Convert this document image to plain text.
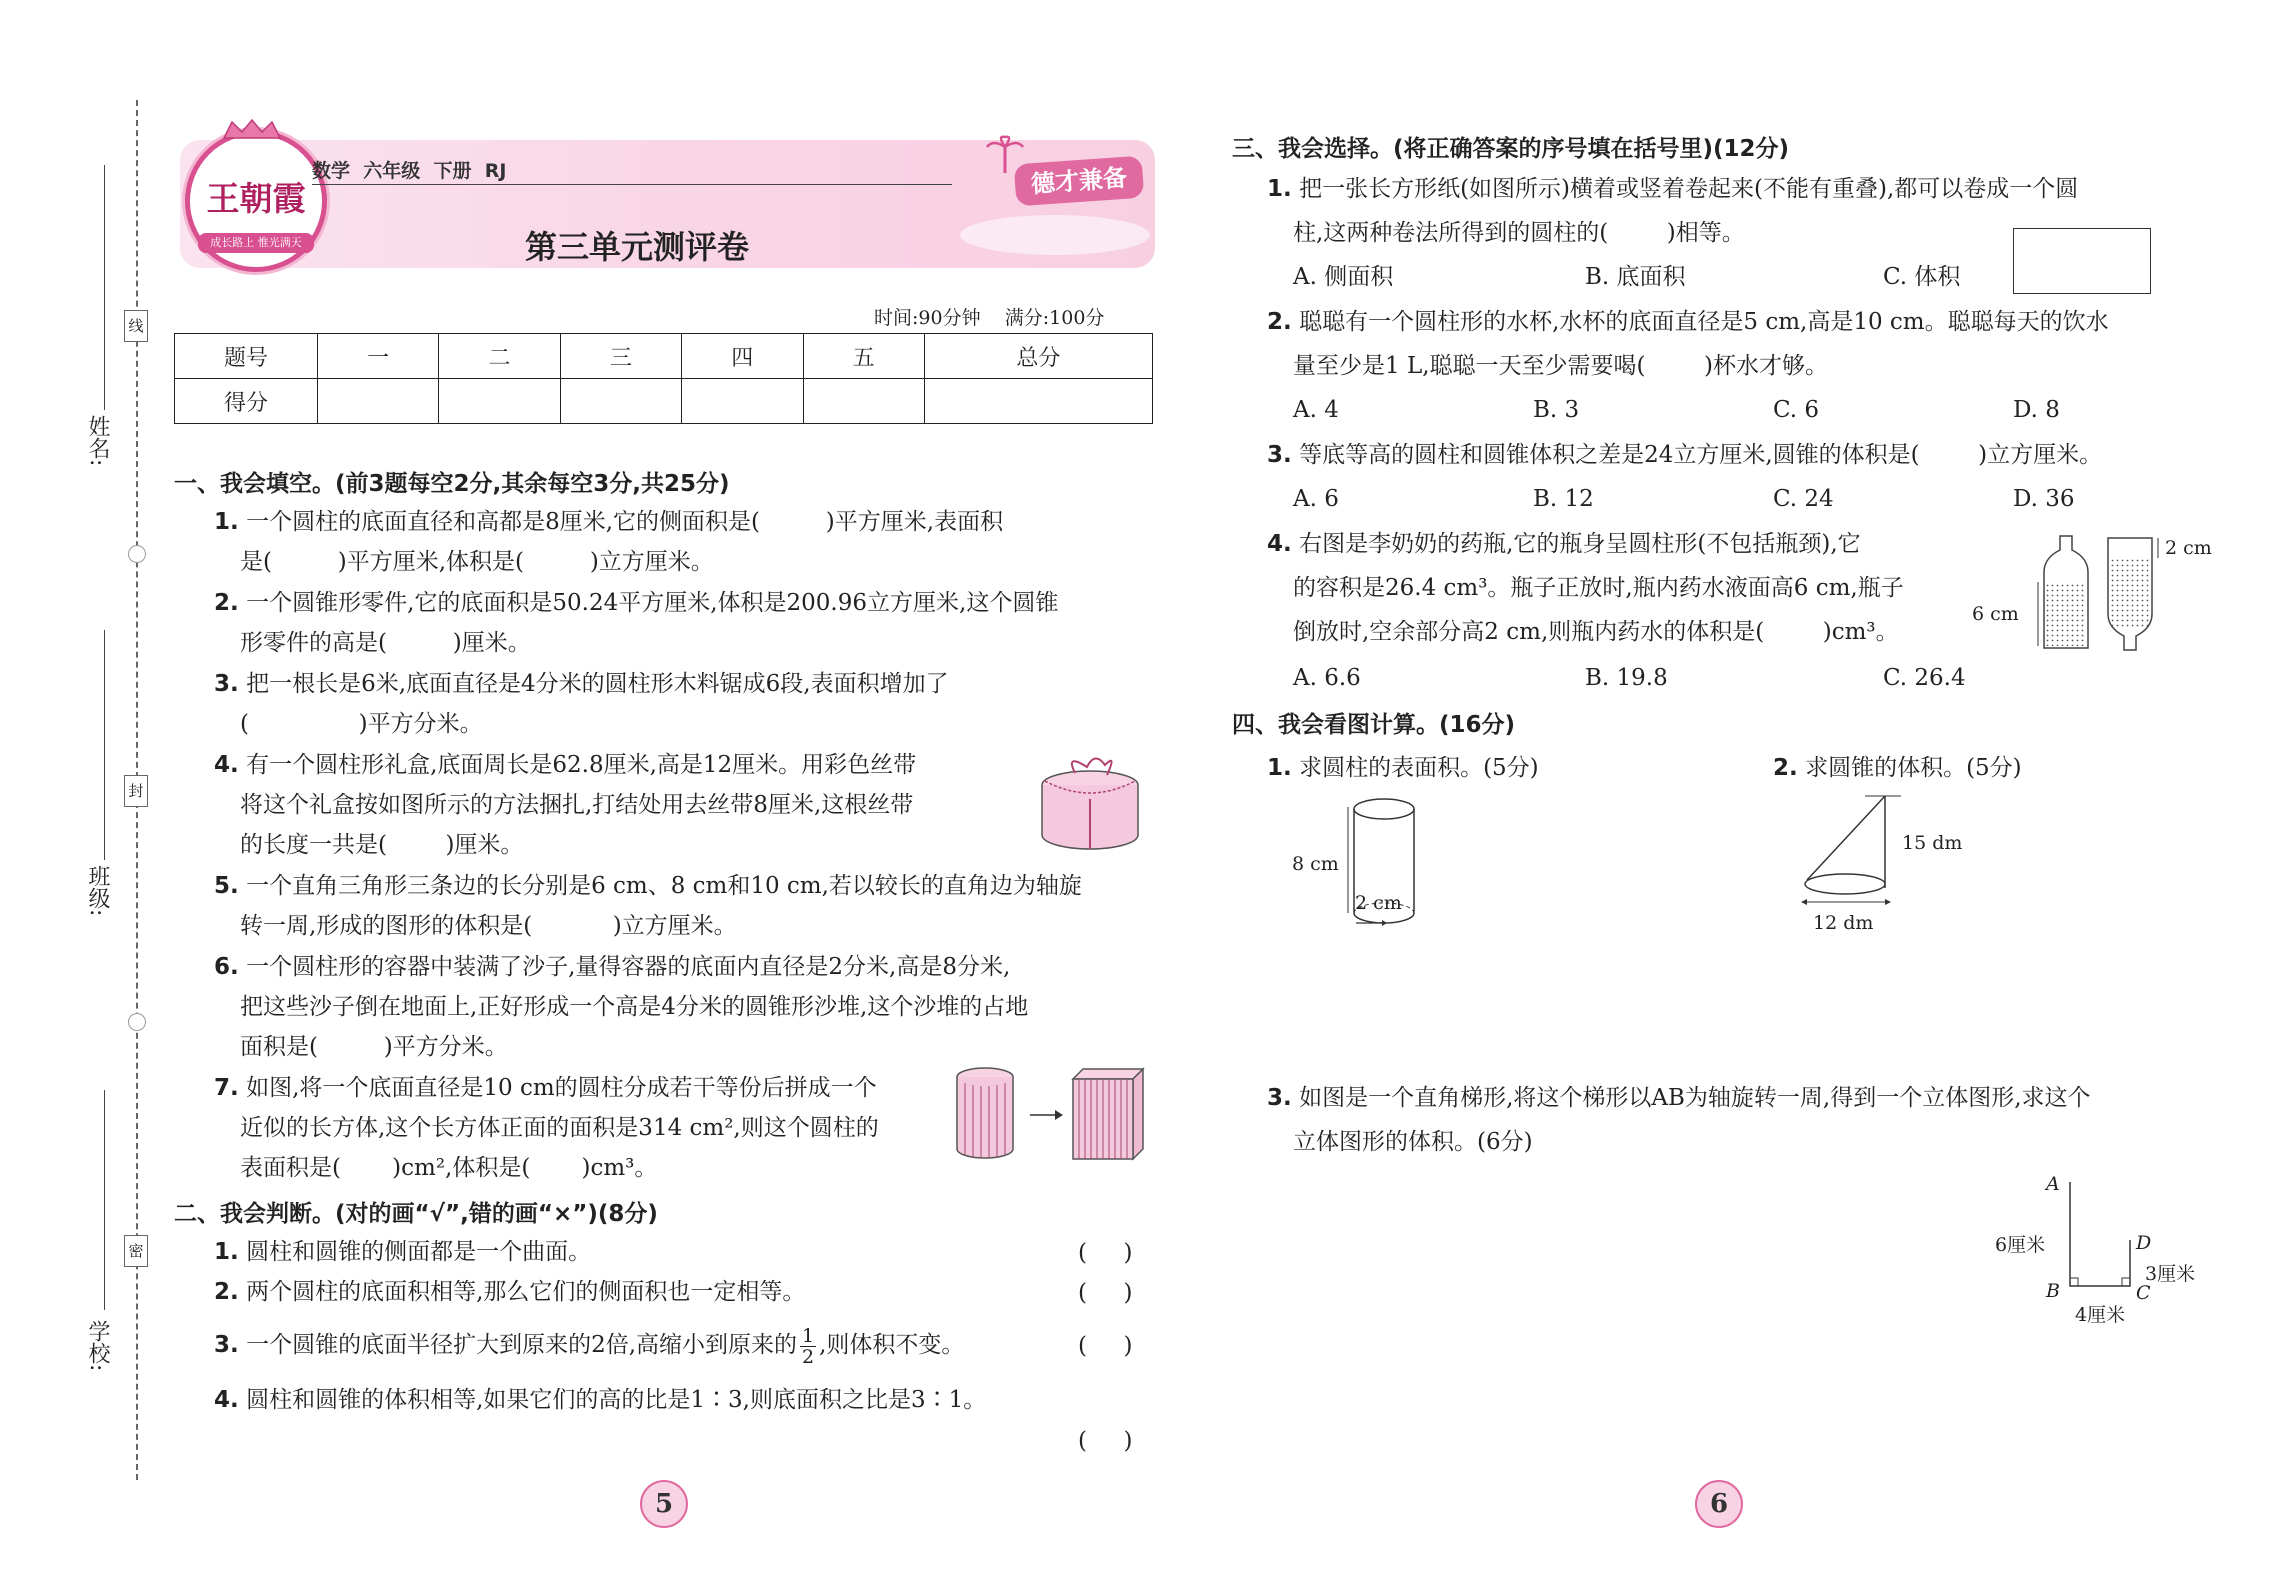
姓名:
班级:
学校:
线
封
密
王朝霞
成长路上 惟光满天
数学  六年级  下册  RJ
第三单元测评卷
德才兼备
时间:90分钟    满分:100分
题号	一	二	三	四	五	总分
得分						
一、我会填空。(前3题每空2分,其余每空3分,共25分)
1. 一个圆柱的底面直径和高都是8厘米,它的侧面积是(         )平方厘米,表面积
是(         )平方厘米,体积是(         )立方厘米。
2. 一个圆锥形零件,它的底面积是50.24平方厘米,体积是200.96立方厘米,这个圆锥
形零件的高是(         )厘米。
3. 把一根长是6米,底面直径是4分米的圆柱形木料锯成6段,表面积增加了
(               )平方分米。
4. 有一个圆柱形礼盒,底面周长是62.8厘米,高是12厘米。用彩色丝带
将这个礼盒按如图所示的方法捆扎,打结处用去丝带8厘米,这根丝带
的长度一共是(        )厘米。
5. 一个直角三角形三条边的长分别是6 cm、8 cm和10 cm,若以较长的直角边为轴旋
转一周,形成的图形的体积是(           )立方厘米。
6. 一个圆柱形的容器中装满了沙子,量得容器的底面内直径是2分米,高是8分米,
把这些沙子倒在地面上,正好形成一个高是4分米的圆锥形沙堆,这个沙堆的占地
面积是(         )平方分米。
7. 如图,将一个底面直径是10 cm的圆柱分成若干等份后拼成一个
近似的长方体,这个长方体正面的面积是314 cm²,则这个圆柱的
表面积是(       )cm²,体积是(       )cm³。
二、我会判断。(对的画“√”,错的画“×”)(8分)
1. 圆柱和圆锥的侧面都是一个曲面。	(     )
2. 两个圆柱的底面积相等,那么它们的侧面积也一定相等。	(     )
3. 一个圆锥的底面半径扩大到原来的2倍,高缩小到原来的 $\frac{1}{2}$ ,则体积不变。	(     )
4. 圆柱和圆锥的体积相等,如果它们的高的比是1∶3,则底面积之比是3∶1。
(     )
5
三、我会选择。(将正确答案的序号填在括号里)(12分)
1. 把一张长方形纸(如图所示)横着或竖着卷起来(不能有重叠),都可以卷成一个圆
柱,这两种卷法所得到的圆柱的(        )相等。
A. 侧面积	B. 底面积	C. 体积
2. 聪聪有一个圆柱形的水杯,水杯的底面直径是5 cm,高是10 cm。聪聪每天的饮水
量至少是1 L,聪聪一天至少需要喝(        )杯水才够。
A. 4	B. 3	C. 6	D. 8
3. 等底等高的圆柱和圆锥体积之差是24立方厘米,圆锥的体积是(        )立方厘米。
A. 6	B. 12	C. 24	D. 36
4. 右图是李奶奶的药瓶,它的瓶身呈圆柱形(不包括瓶颈),它
的容积是26.4 cm³。瓶子正放时,瓶内药水液面高6 cm,瓶子
倒放时,空余部分高2 cm,则瓶内药水的体积是(        )cm³。
A. 6.6	B. 19.8	C. 26.4
6 cm
2 cm
四、我会看图计算。(16分)
1. 求圆柱的表面积。(5分)	2. 求圆锥的体积。(5分)
8 cm
2 cm
15 dm
12 dm
3. 如图是一个直角梯形,将这个梯形以AB为轴旋转一周,得到一个立体图形,求这个
立体图形的体积。(6分)
A
B	C
D
6厘米
3厘米
4厘米
6
